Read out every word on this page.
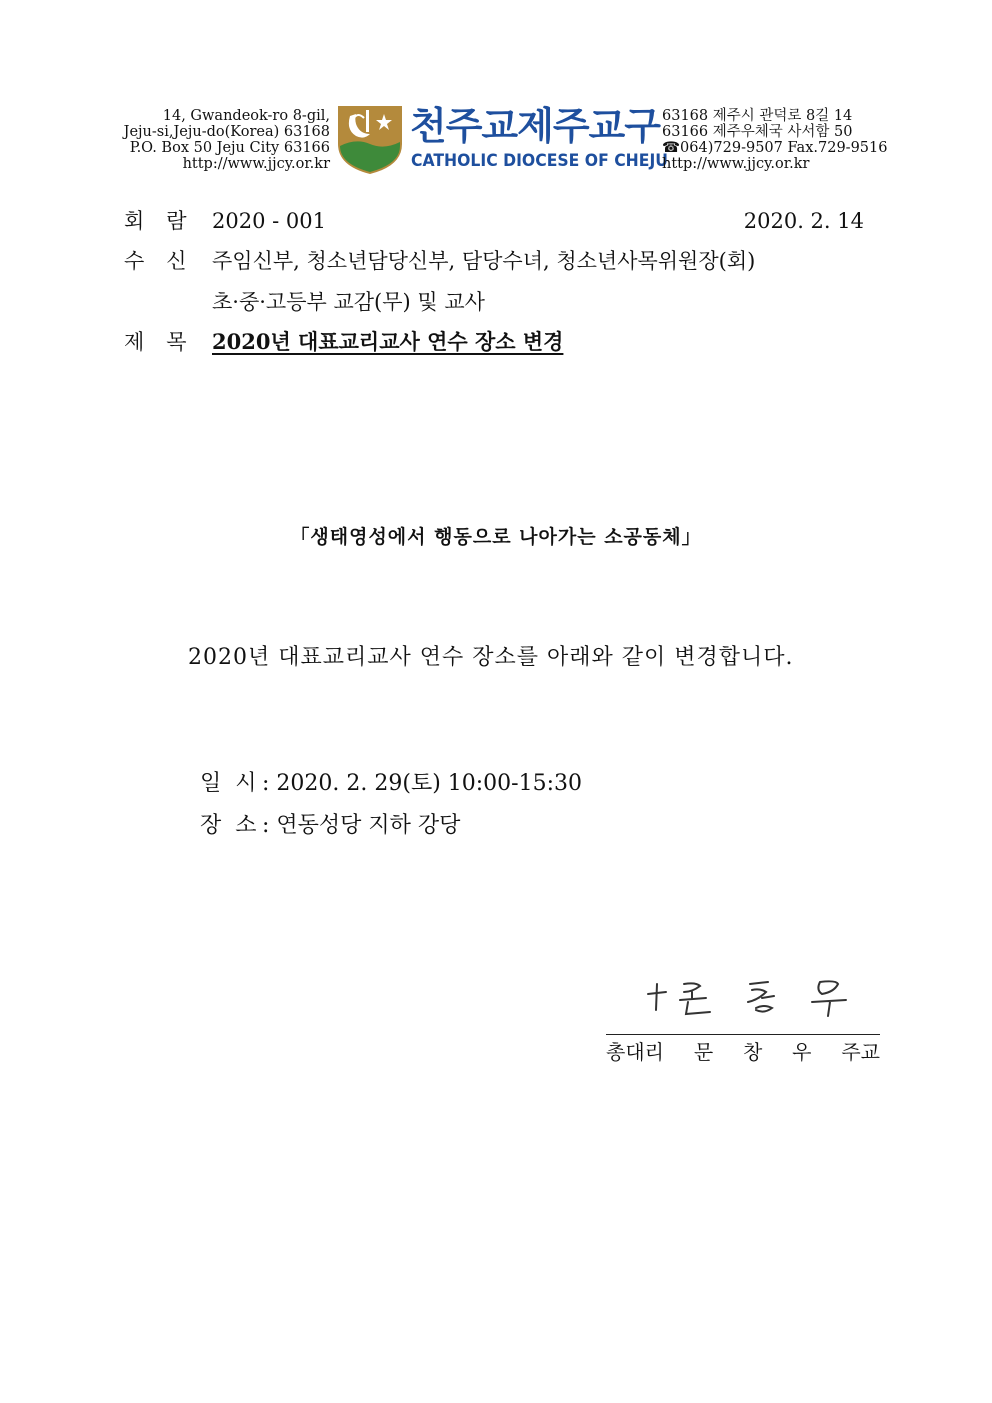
14, Gwandeok-ro 8-gil,
Jeju-si,Jeju-do(Korea) 63168
P.O. Box 50 Jeju City 63166
http://www.jjcy.or.kr
천주교제주교구
CATHOLIC DIOCESE OF CHEJU
63168 제주시 관덕로 8길 14
63166 제주우체국 사서함 50
☎064)729-9507 Fax.729-9516
http://www.jjcy.or.kr
회람 2020 - 001	2020. 2. 14
수신 주임신부, 청소년담당신부, 담당수녀, 청소년사목위원장(회)
초·중·고등부 교감(무) 및 교사
제목 2020년 대표교리교사 연수 장소 변경
「생태영성에서 행동으로 나아가는 소공동체」
2020년 대표교리교사 연수 장소를 아래와 같이 변경합니다.
일시: 2020. 2. 29(토) 10:00-15:30
장소: 연동성당 지하 강당
총대리 문 창 우 주교
